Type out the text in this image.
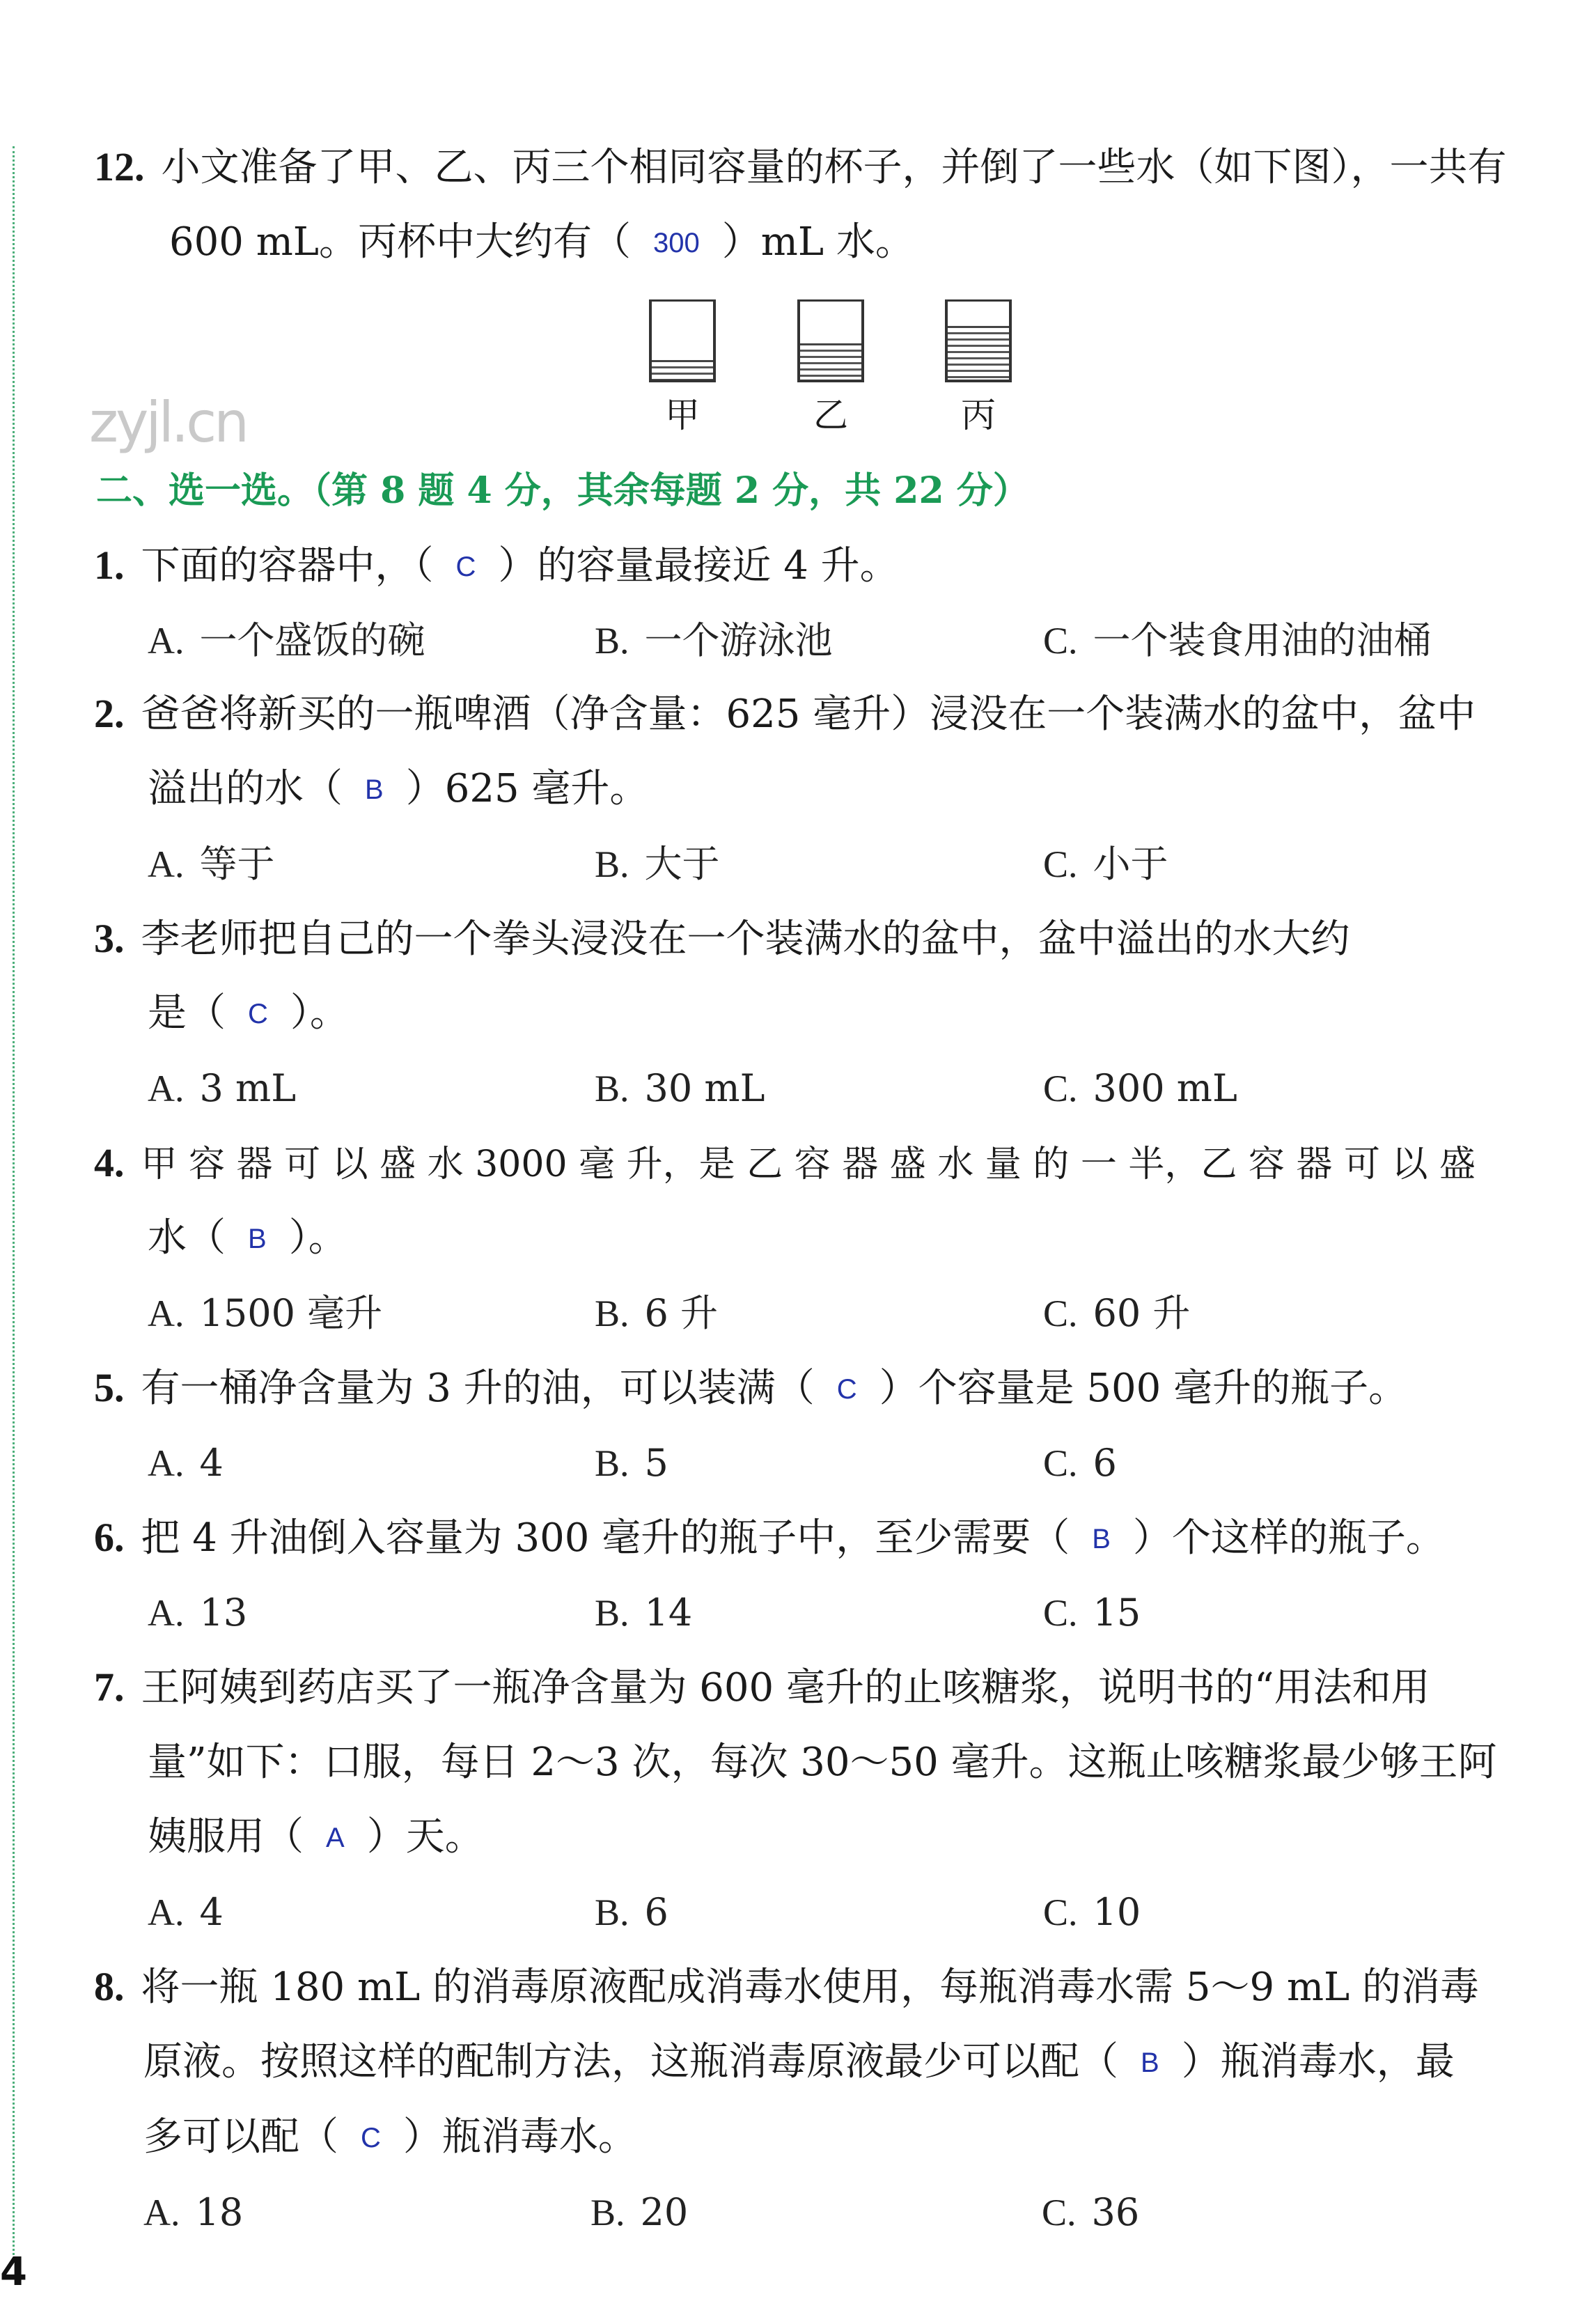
zyjl.cn
12. 小文准备了甲、乙、丙三个相同容量的杯子，并倒了一些水（如下图），一共有
600 mL。丙杯中大约有（ 300 ）mL 水。
甲	乙	丙
二、选一选。（第 8 题 4 分，其余每题 2 分，共 22 分）
1. 下面的容器中，（ C ）的容量最接近 4 升。
A. 一个盛饭的碗	B. 一个游泳池	C. 一个装食用油的油桶
2. 爸爸将新买的一瓶啤酒（净含量：625 毫升）浸没在一个装满水的盆中，盆中
溢出的水（ B ）625 毫升。
A. 等于	B. 大于	C. 小于
3. 李老师把自己的一个拳头浸没在一个装满水的盆中，盆中溢出的水大约
是（ C ）。
A. 3 mL	B. 30 mL	C. 300 mL
4. 甲 容 器 可 以 盛 水 3000 毫 升，是 乙 容 器 盛 水 量 的 一 半，乙 容 器 可 以 盛
水（ B ）。
A. 1500 毫升	B. 6 升	C. 60 升
5. 有一桶净含量为 3 升的油，可以装满（ C ）个容量是 500 毫升的瓶子。
A. 4	B. 5	C. 6
6. 把 4 升油倒入容量为 300 毫升的瓶子中，至少需要（ B ）个这样的瓶子。
A. 13	B. 14	C. 15
7. 王阿姨到药店买了一瓶净含量为 600 毫升的止咳糖浆，说明书的“用法和用
量”如下：口服，每日 2～3 次，每次 30～50 毫升。这瓶止咳糖浆最少够王阿
姨服用（ A ）天。
A. 4	B. 6	C. 10
8. 将一瓶 180 mL 的消毒原液配成消毒水使用，每瓶消毒水需 5～9 mL 的消毒
原液。按照这样的配制方法，这瓶消毒原液最少可以配（ B ）瓶消毒水，最
多可以配（ C ）瓶消毒水。
A. 18	B. 20	C. 36
4
